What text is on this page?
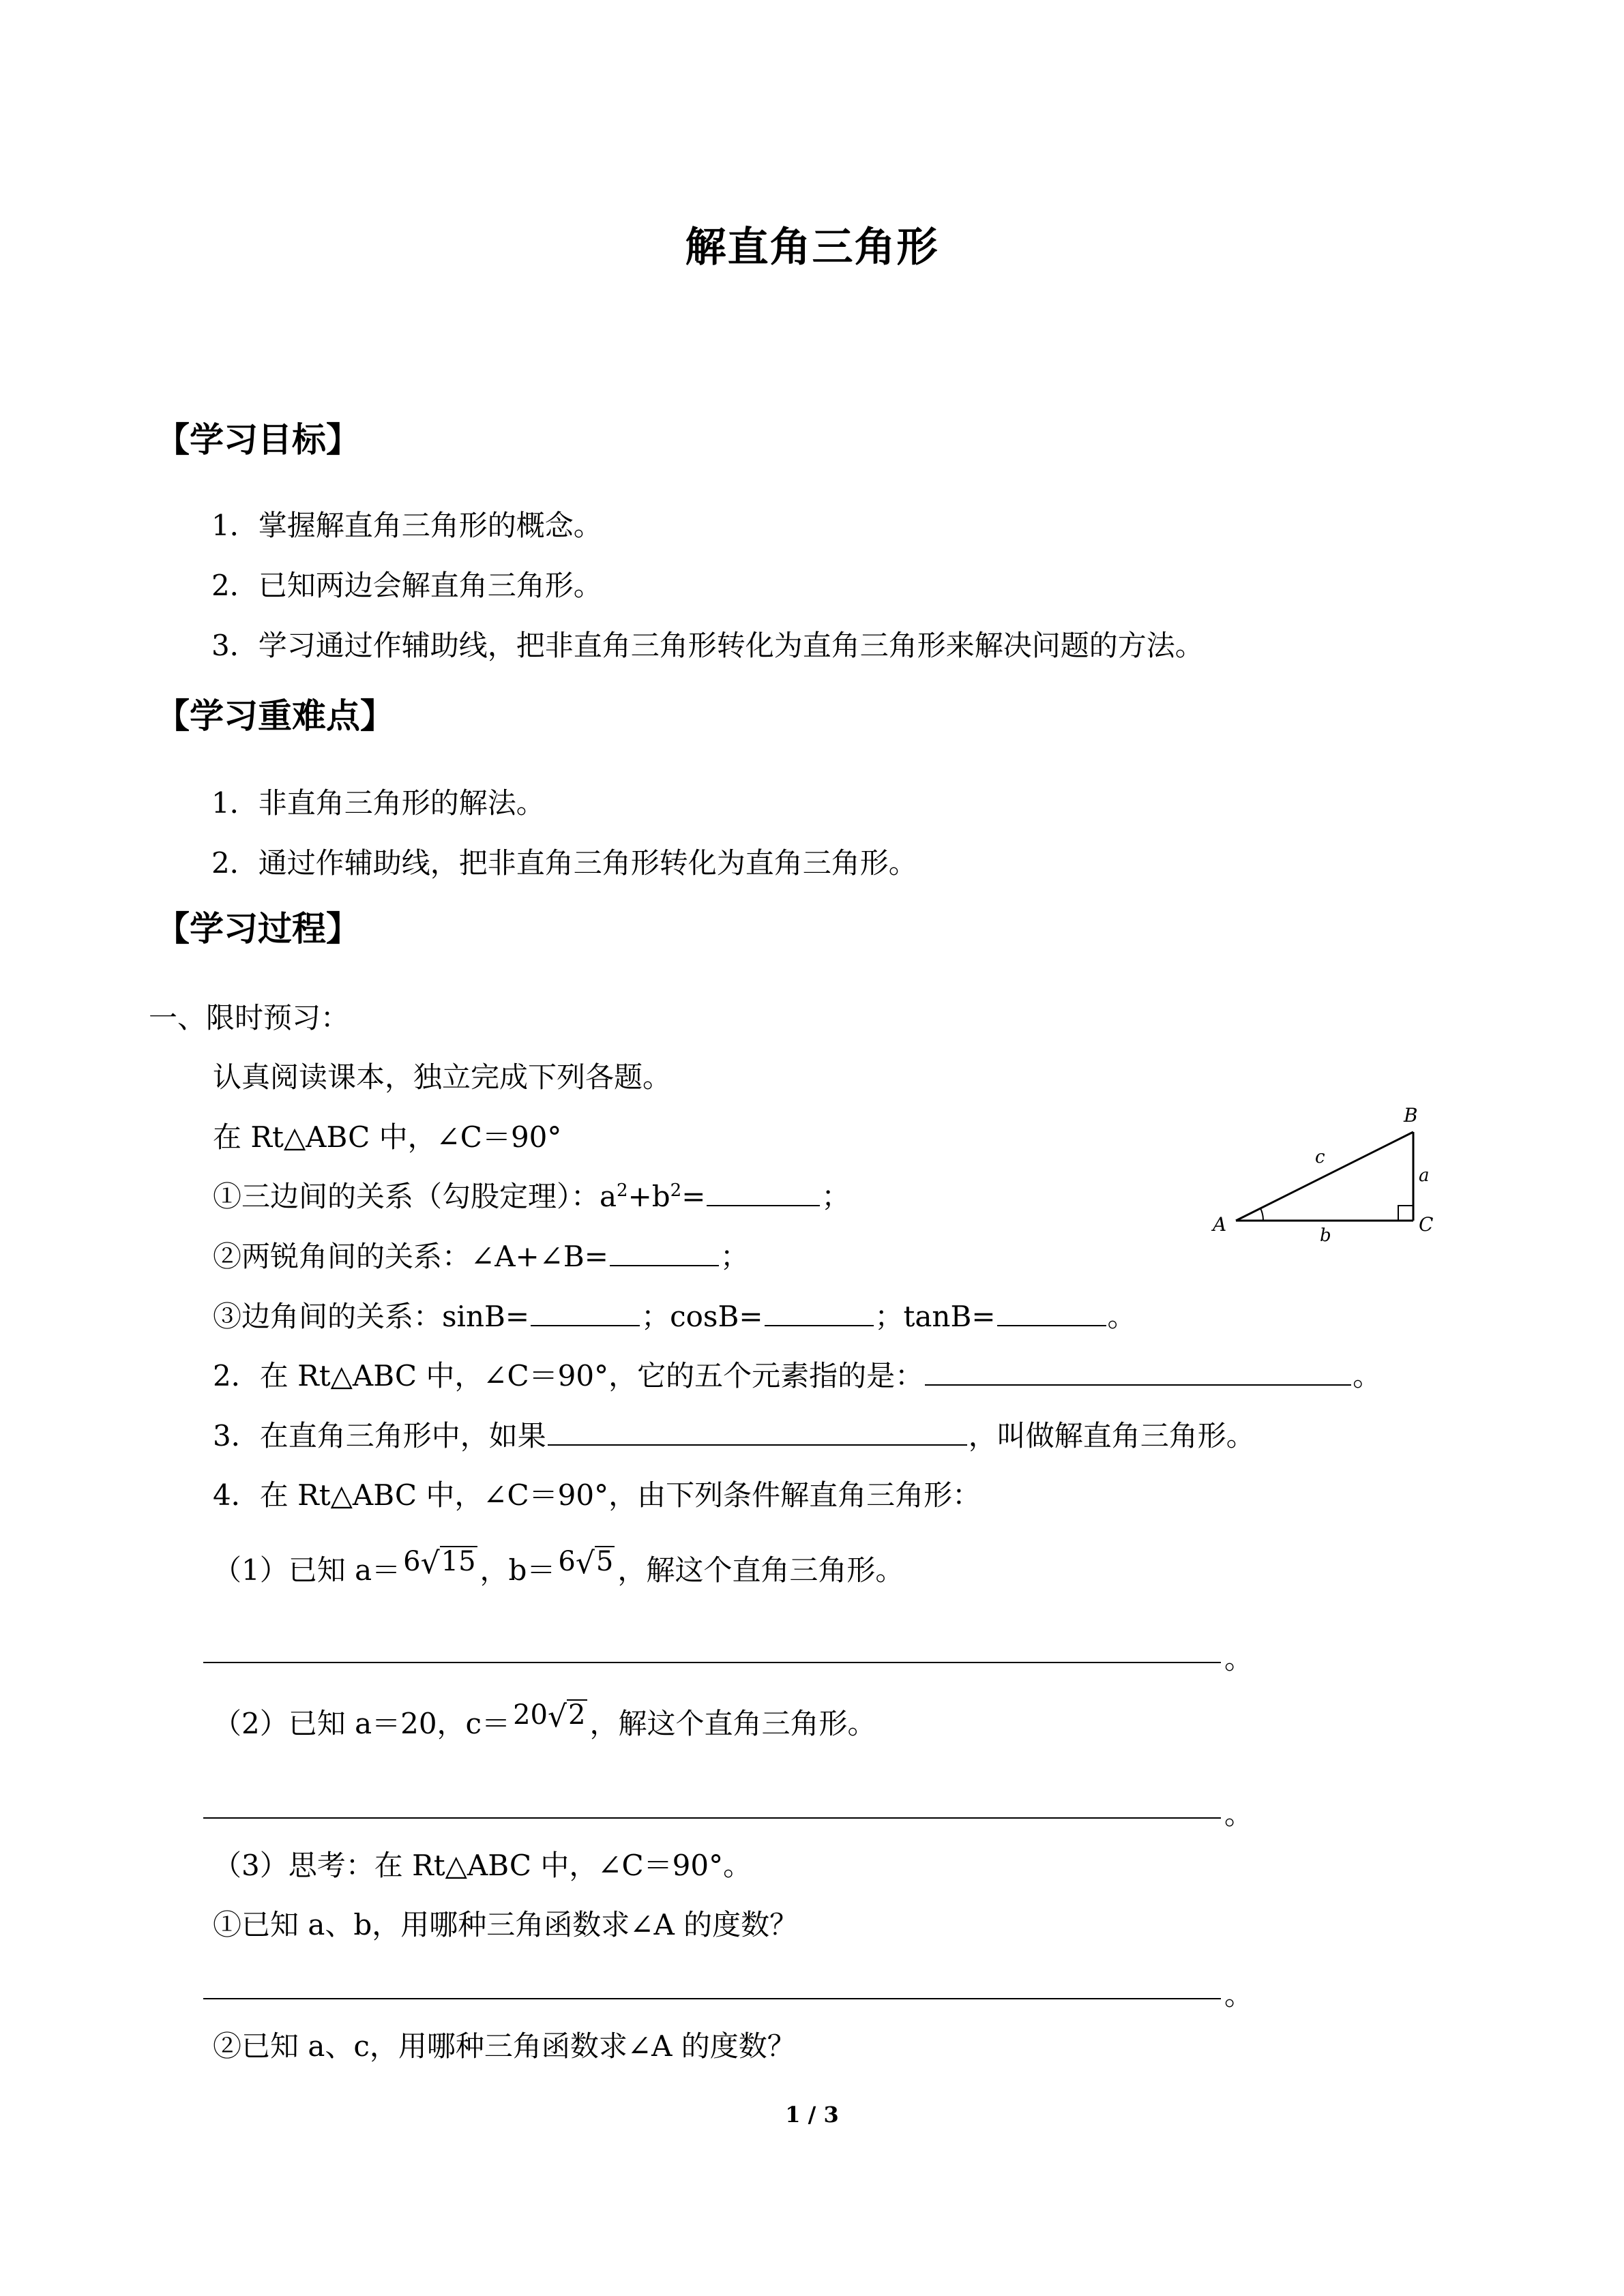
解直角三角形
【学习目标】
1．掌握解直角三角形的概念。
2．已知两边会解直角三角形。
3．学习通过作辅助线，把非直角三角形转化为直角三角形来解决问题的方法。
【学习重难点】
1．非直角三角形的解法。
2．通过作辅助线，把非直角三角形转化为直角三角形。
【学习过程】
一、限时预习：
认真阅读课本，独立完成下列各题。
在 Rt△ABC 中，∠C＝90°
①三边间的关系（勾股定理）：$a^2+b^2=$	；
②两锐角间的关系：∠A+∠B=	；
③边角间的关系：sinB=	；cosB=	；tanB=	。
A
B
C
a
b
c
2．在 Rt△ABC 中，∠C＝90°，它的五个元素指的是：	。
3．在直角三角形中，如果	，叫做解直角三角形。
4．在 Rt△ABC 中，∠C＝90°，由下列条件解直角三角形：
（1）已知 a＝ 6 √ 15 ，b＝ 6 √ 5 ，解这个直角三角形。
。
（2）已知 a＝20，c＝ 20 √ 2 ，解这个直角三角形。
。
（3）思考：在 Rt△ABC 中，∠C＝90°。
①已知 a、b，用哪种三角函数求∠A 的度数？
。
②已知 a、c，用哪种三角函数求∠A 的度数？
1 / 3
